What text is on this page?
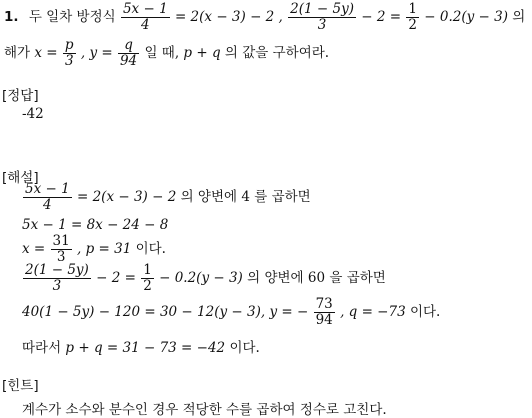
1. 두 일차 방정식 $\frac{5x - 1}{4} = 2(x - 3) - 2$ , $\frac{2(1 - 5y)}{3} - 2 = \frac{1}{2} - 0.2(y - 3)$ 의
해가 $x = \frac{p}{3}$ , $y = \frac{q}{94}$ 일 때, p + q 의 값을 구하여라.
[정답]
-42
[해설]
$\frac{5x - 1}{4} = 2(x - 3) - 2$ 의 양변에 4 를 곱하면
5x − 1 = 8x − 24 − 8
$x = \frac{31}{3}$ , p = 31 이다.
$\frac{2(1 - 5y)}{3} - 2 = \frac{1}{2} - 0.2(y - 3)$ 의 양변에 60 을 곱하면
40(1 − 5y) − 120 = 30 − 12(y − 3), y = − $\frac{73}{94}$ , q = −73 이다.
따라서 p + q = 31 − 73 = −42 이다.
[힌트]
계수가 소수와 분수인 경우 적당한 수를 곱하여 정수로 고친다.
